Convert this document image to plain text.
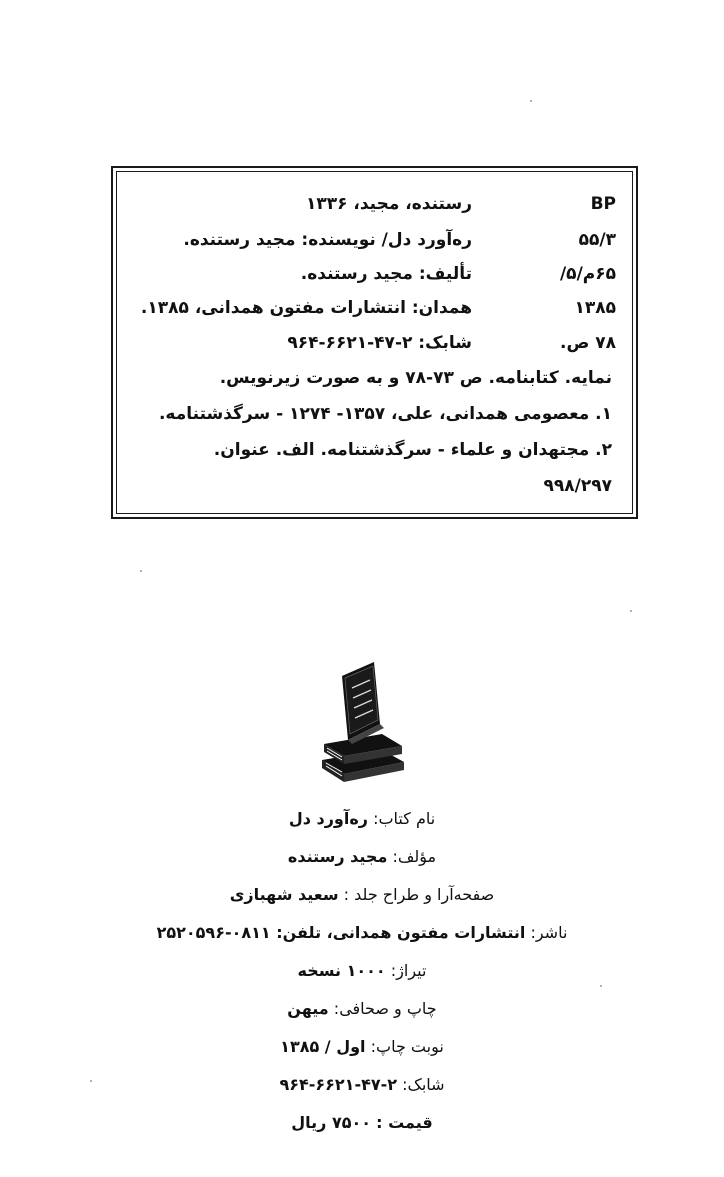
BP
رستنده، مجید، ۱۳۳۶
۵۵/۳
ره‌آورد دل/ نویسنده: مجید رستنده.
۶۵م/۵/
تألیف: مجید رستنده.
۱۳۸۵
همدان: انتشارات مفتون همدانی، ۱۳۸۵.
۷۸ ص.
شابک: ۲-۴۷-۶۶۲۱-۹۶۴
نمایه. کتابنامه. ص ۷۳-۷۸ و به صورت زیرنویس.
۱. معصومی همدانی، علی، ۱۳۵۷- ۱۲۷۴ - سرگذشتنامه.
۲. مجتهدان و علماء - سرگذشتنامه. الف. عنوان.
۹۹۸/۲۹۷
نام کتاب: ره‌آورد دل
مؤلف: مجید رستنده
صفحه‌آرا و طراح جلد : سعید شهبازی
ناشر: انتشارات مفتون همدانی، تلفن: ۰۸۱۱-۲۵۲۰۵۹۶
تیراژ: ۱۰۰۰ نسخه
چاپ و صحافی: میهن
نوبت چاپ: اول / ۱۳۸۵
شابک: ۲-۴۷-۶۶۲۱-۹۶۴
قیمت : ۷۵۰۰ ریال
